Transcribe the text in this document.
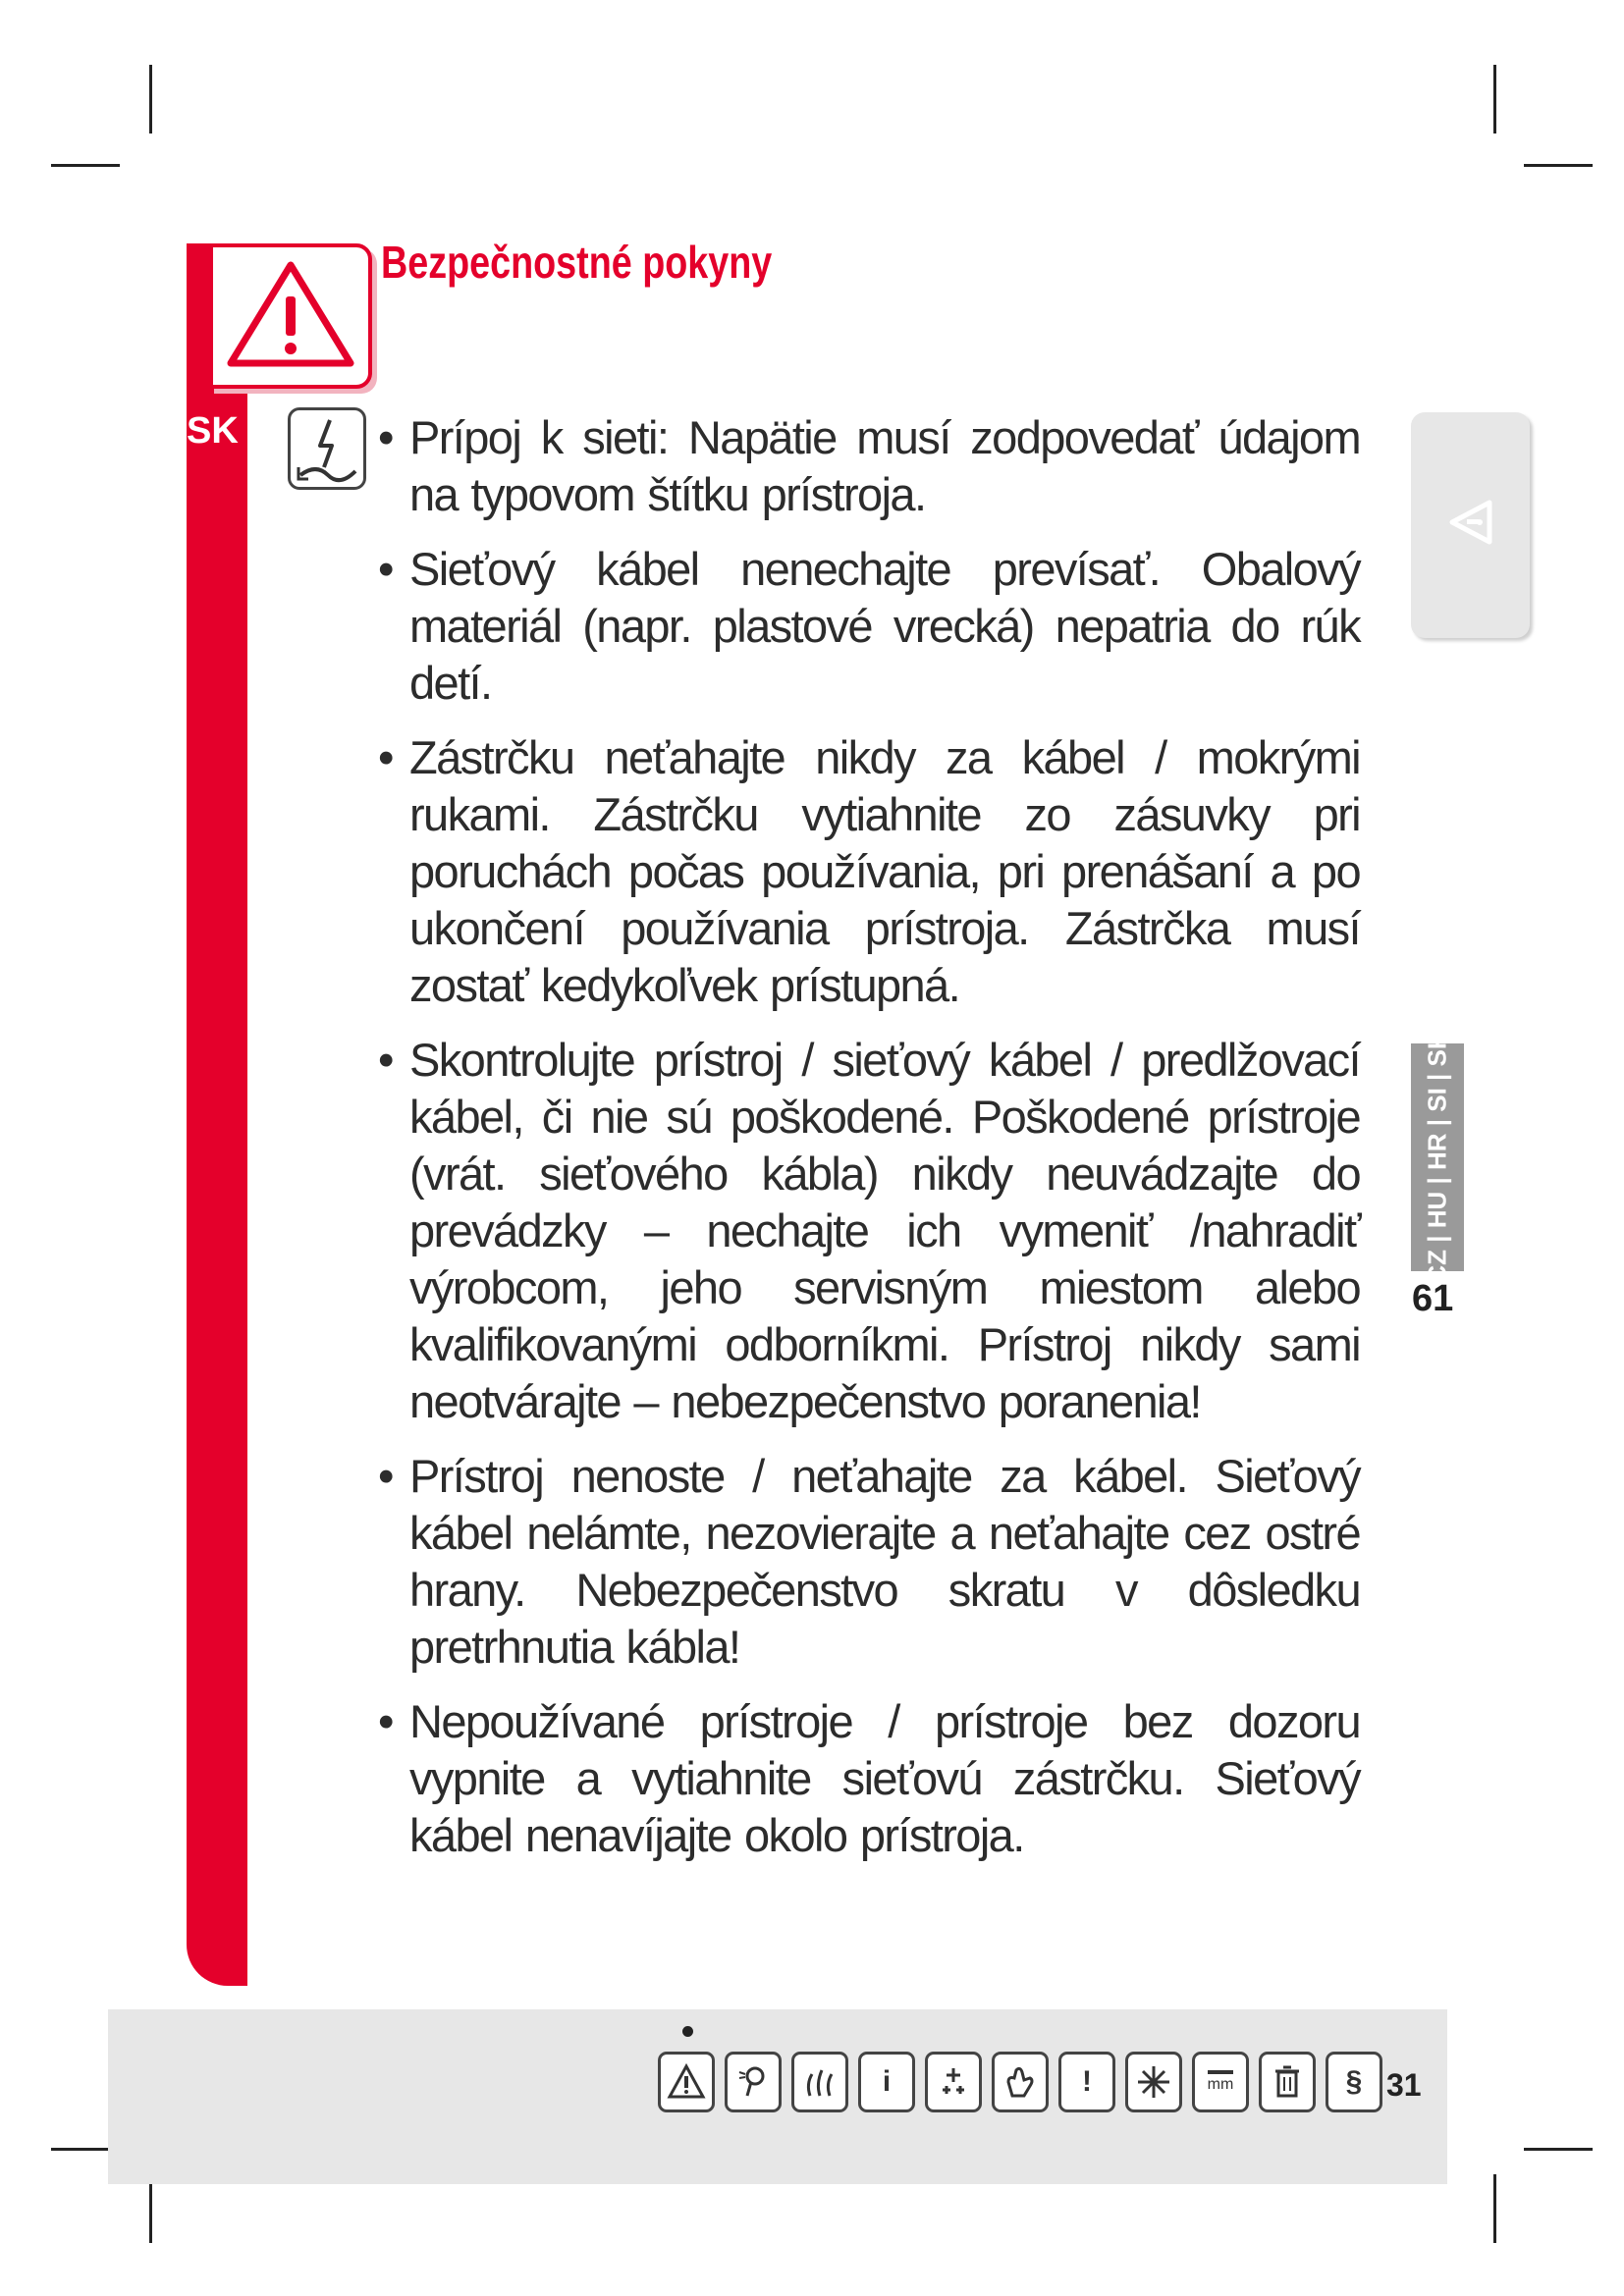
SK
Bezpečnostné pokyny
• Prípoj k sieti: Napätie musí zodpovedať údajom na typovom štítku prístroja.
• Sieťový kábel nenechajte prevísať. Obalový materiál (napr. plastové vrecká) nepatria do rúk detí.
• Zástrčku neťahajte nikdy za kábel / mokrými rukami. Zástrčku vytiahnite zo zásuvky pri poruchách počas používania, pri prenášaní a po ukončení používania prístroja. Zástrčka musí zostať kedykoľvek prístupná.
• Skontrolujte prístroj / sieťový kábel / predlžovací kábel, či nie sú poškodené. Poškodené prístroje (vrát. sieťového kábla) nikdy neuvádzajte do prevádzky – nechajte ich vymeniť /nahradiť výrobcom, jeho servisným miestom alebo kvalifikovanými odborníkmi. Prístroj nikdy sami neotvárajte – nebezpečenstvo poranenia!
• Prístroj nenoste / neťahajte za kábel. Sieťový kábel nelámte, nezovierajte a neťahajte cez ostré hrany. Nebezpečenstvo skratu v dôsledku pretrhnutia kábla!
• Nepoužívané prístroje / prístroje bez dozoru vypnite a vytiahnite sieťovú zástrčku. Sieťový kábel nenavíjajte okolo prístroja.
CZ | HU | HR | SI | SK
61
i	!	mm	§ 31
